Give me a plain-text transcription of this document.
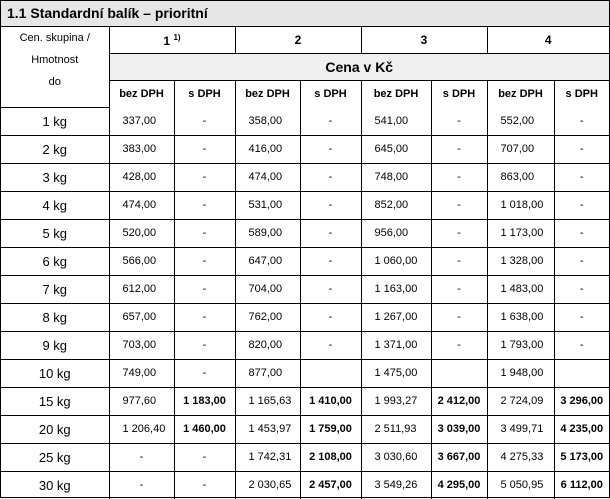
1.1 Standardní balík – prioritní
Cen. skupina /
Hmotnost
do	1 $^{1)}$		2		3		4	
	Cena v Kč							
	bez DPH	s DPH	bez DPH	s DPH	bez DPH	s DPH	bez DPH	s DPH
1 kg	337,00	-	358,00	-	541,00	-	552,00	-
2 kg	383,00	-	416,00	-	645,00	-	707,00	-
3 kg	428,00	-	474,00	-	748,00	-	863,00	-
4 kg	474,00	-	531,00	-	852,00	-	1 018,00	-
5 kg	520,00	-	589,00	-	956,00	-	1 173,00	-
6 kg	566,00	-	647,00	-	1 060,00	-	1 328,00	-
7 kg	612,00	-	704,00	-	1 163,00	-	1 483,00	-
8 kg	657,00	-	762,00	-	1 267,00	-	1 638,00	-
9 kg	703,00	-	820,00	-	1 371,00	-	1 793,00	-
10 kg	749,00	-	877,00		1 475,00		1 948,00	
15 kg	977,60	1 183,00	1 165,63	1 410,00	1 993,27	2 412,00	2 724,09	3 296,00
20 kg	1 206,40	1 460,00	1 453,97	1 759,00	2 511,93	3 039,00	3 499,71	4 235,00
25 kg	-	-	1 742,31	2 108,00	3 030,60	3 667,00	4 275,33	5 173,00
30 kg	-	-	2 030,65	2 457,00	3 549,26	4 295,00	5 050,95	6 112,00
